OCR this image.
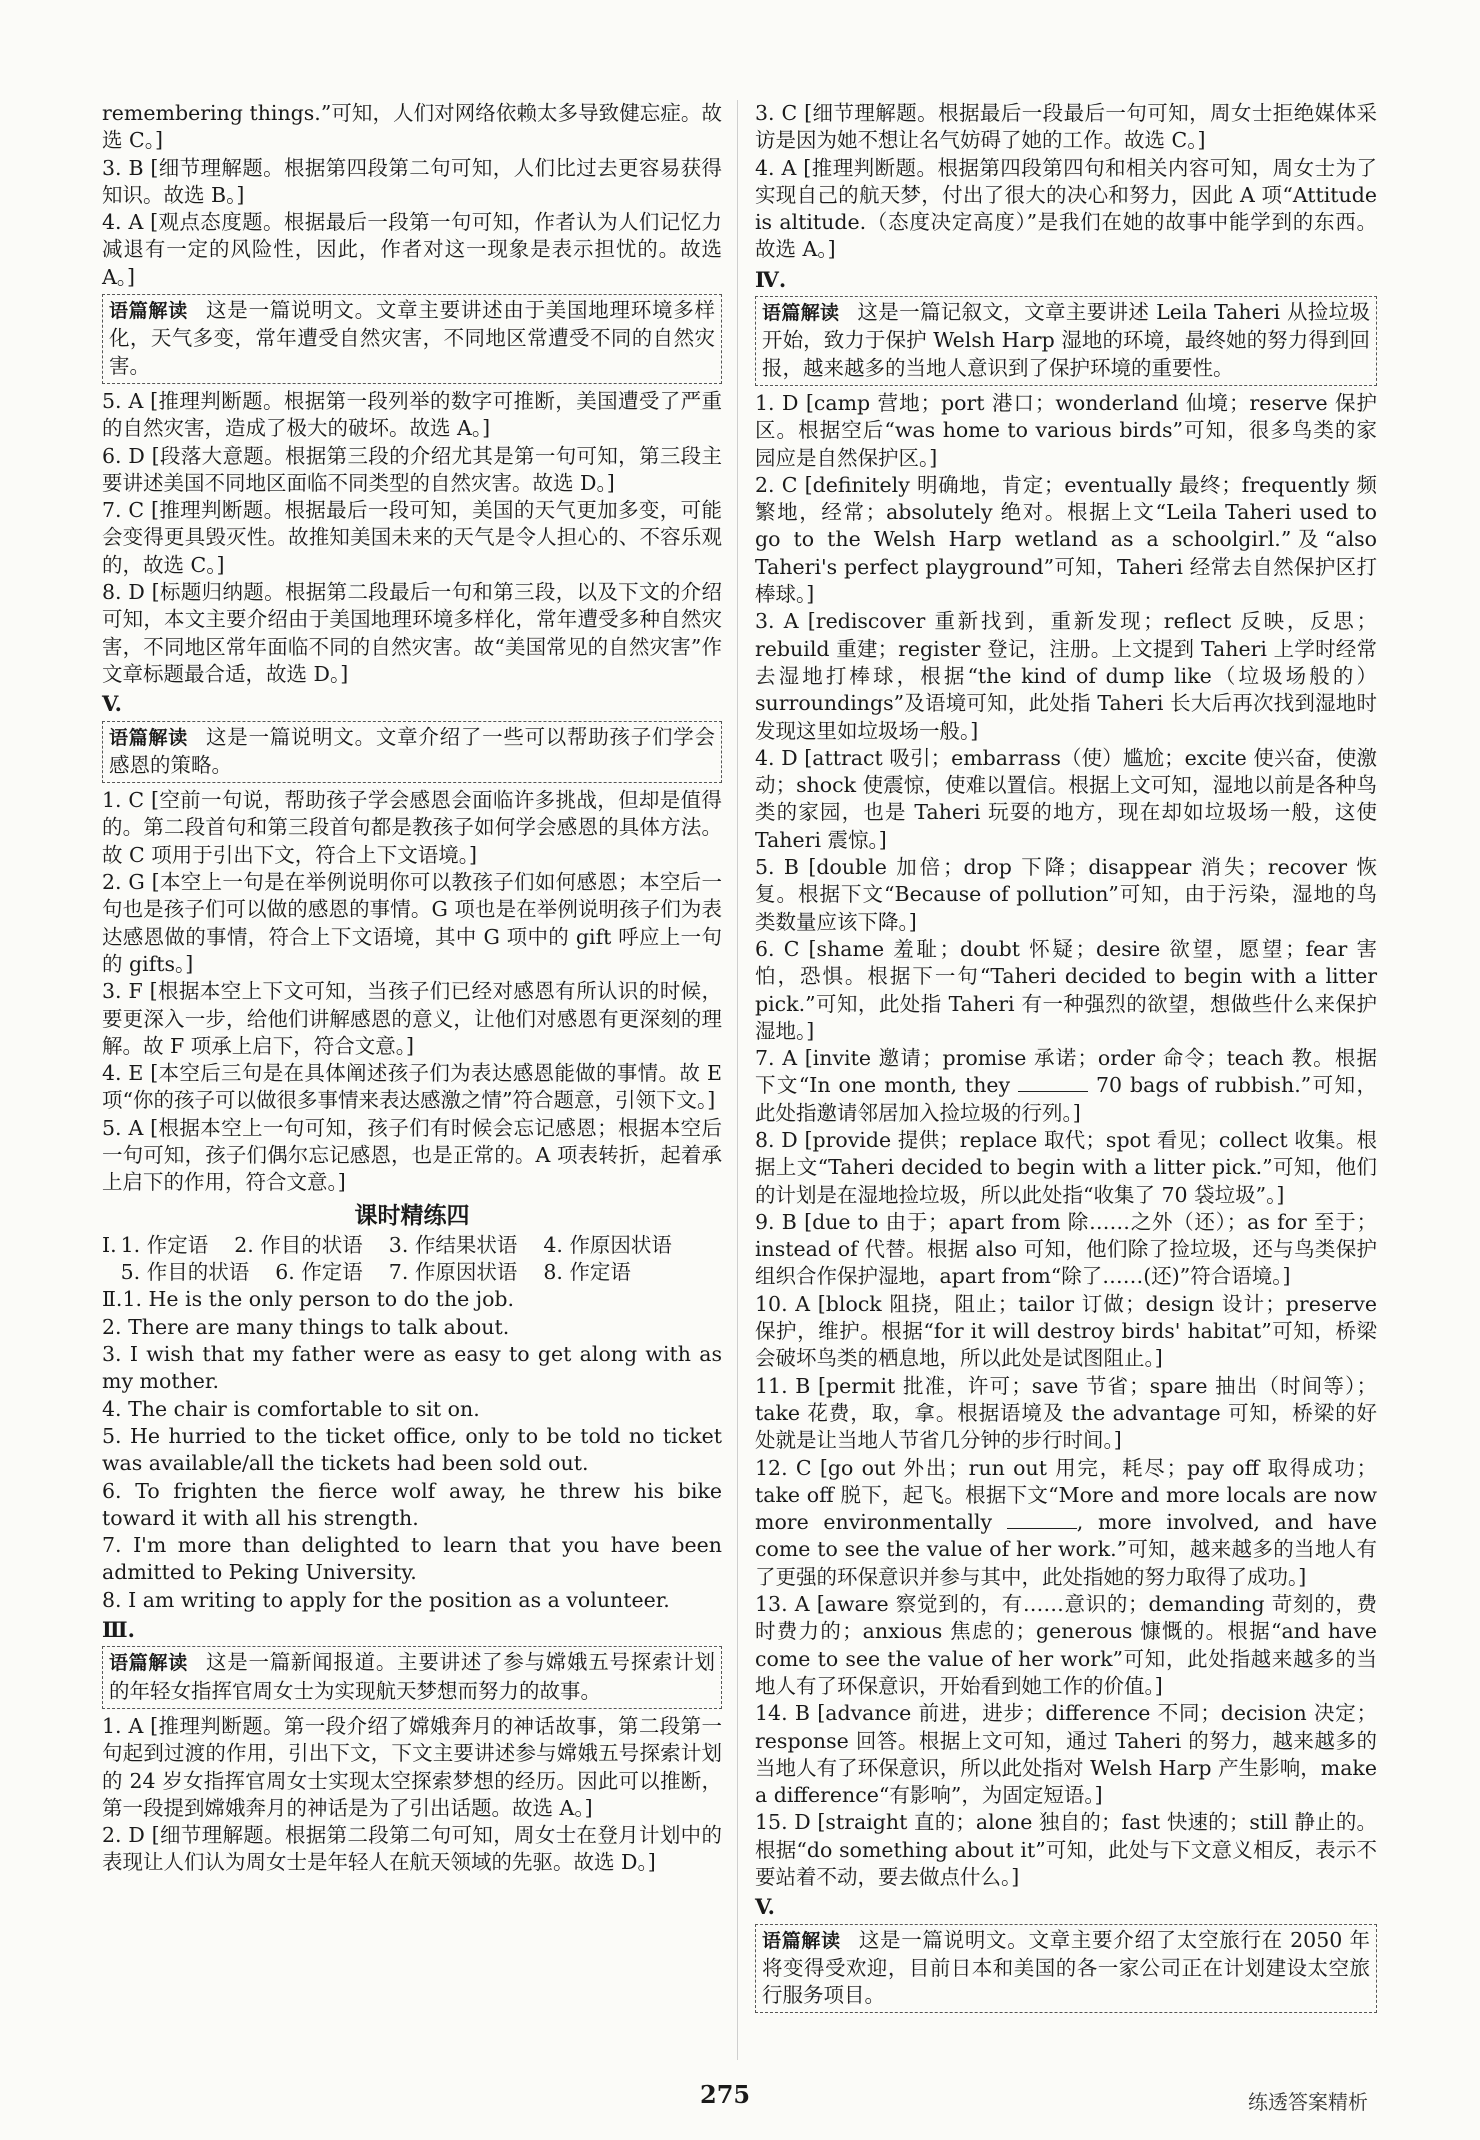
remembering things.”可知，人们对网络依赖太多导致健忘症。故选 C。]

3. B [细节理解题。根据第四段第二句可知，人们比过去更容易获得知识。故选 B。]

4. A [观点态度题。根据最后一段第一句可知，作者认为人们记忆力减退有一定的风险性，因此，作者对这一现象是表示担忧的。故选 A。]

语篇解读 这是一篇说明文。文章主要讲述由于美国地理环境多样化，天气多变，常年遭受自然灾害，不同地区常遭受不同的自然灾害。

5. A [推理判断题。根据第一段列举的数字可推断，美国遭受了严重的自然灾害，造成了极大的破坏。故选 A。]

6. D [段落大意题。根据第三段的介绍尤其是第一句可知，第三段主要讲述美国不同地区面临不同类型的自然灾害。故选 D。]

7. C [推理判断题。根据最后一段可知，美国的天气更加多变，可能会变得更具毁灭性。故推知美国未来的天气是令人担心的、不容乐观的，故选 C。]

8. D [标题归纳题。根据第二段最后一句和第三段，以及下文的介绍可知，本文主要介绍由于美国地理环境多样化，常年遭受多种自然灾害，不同地区常年面临不同的自然灾害。故“美国常见的自然灾害”作文章标题最合适，故选 D。]

V.
语篇解读 这是一篇说明文。文章介绍了一些可以帮助孩子们学会感恩的策略。

1. C [空前一句说，帮助孩子学会感恩会面临许多挑战，但却是值得的。第二段首句和第三段首句都是教孩子如何学会感恩的具体方法。故 C 项用于引出下文，符合上下文语境。]

2. G [本空上一句是在举例说明你可以教孩子们如何感恩；本空后一句也是孩子们可以做的感恩的事情。G 项也是在举例说明孩子们为表达感恩做的事情，符合上下文语境，其中 G 项中的 gift 呼应上一句的 gifts。]

3. F [根据本空上下文可知，当孩子们已经对感恩有所认识的时候，要更深入一步，给他们讲解感恩的意义，让他们对感恩有更深刻的理解。故 F 项承上启下，符合文意。]

4. E [本空后三句是在具体阐述孩子们为表达感恩能做的事情。故 E 项“你的孩子可以做很多事情来表达感激之情”符合题意，引领下文。]

5. A [根据本空上一句可知，孩子们有时候会忘记感恩；根据本空后一句可知，孩子们偶尔忘记感恩，也是正常的。A 项表转折，起着承上启下的作用，符合文意。]

课时精练四
Ⅰ. 1. 作定语 2. 作目的状语 3. 作结果状语 4. 作原因状语
5. 作目的状语 6. 作定语 7. 作原因状语 8. 作定语
Ⅱ.1. He is the only person to do the job.

2. There are many things to talk about.

3. I wish that my father were as easy to get along with as my mother.

4. The chair is comfortable to sit on.

5. He hurried to the ticket office, only to be told no ticket was available/all the tickets had been sold out.

6. To frighten the fierce wolf away, he threw his bike toward it with all his strength.

7. I'm more than delighted to learn that you have been admitted to Peking University.

8. I am writing to apply for the position as a volunteer.

Ⅲ.
语篇解读 这是一篇新闻报道。主要讲述了参与嫦娥五号探索计划的年轻女指挥官周女士为实现航天梦想而努力的故事。

1. A [推理判断题。第一段介绍了嫦娥奔月的神话故事，第二段第一句起到过渡的作用，引出下文，下文主要讲述参与嫦娥五号探索计划的 24 岁女指挥官周女士实现太空探索梦想的经历。因此可以推断，第一段提到嫦娥奔月的神话是为了引出话题。故选 A。]

2. D [细节理解题。根据第二段第二句可知，周女士在登月计划中的表现让人们认为周女士是年轻人在航天领域的先驱。故选 D。]

3. C [细节理解题。根据最后一段最后一句可知，周女士拒绝媒体采访是因为她不想让名气妨碍了她的工作。故选 C。]

4. A [推理判断题。根据第四段第四句和相关内容可知，周女士为了实现自己的航天梦，付出了很大的决心和努力，因此 A 项“Attitude is altitude.（态度决定高度）”是我们在她的故事中能学到的东西。故选 A。]

Ⅳ.
语篇解读 这是一篇记叙文，文章主要讲述 Leila Taheri 从捡垃圾开始，致力于保护 Welsh Harp 湿地的环境，最终她的努力得到回报，越来越多的当地人意识到了保护环境的重要性。

1. D [camp 营地；port 港口；wonderland 仙境；reserve 保护区。根据空后“was home to various birds”可知，很多鸟类的家园应是自然保护区。]

2. C [definitely 明确地，肯定；eventually 最终；frequently 频繁地，经常；absolutely 绝对。根据上文“Leila Taheri used to go to the Welsh Harp wetland as a schoolgirl.”及“also Taheri's perfect playground”可知，Taheri 经常去自然保护区打棒球。]

3. A [rediscover 重新找到，重新发现；reflect 反映，反思；rebuild 重建；register 登记，注册。上文提到 Taheri 上学时经常去湿地打棒球，根据“the kind of dump like（垃圾场般的）surroundings”及语境可知，此处指 Taheri 长大后再次找到湿地时发现这里如垃圾场一般。]

4. D [attract 吸引；embarrass（使）尴尬；excite 使兴奋，使激动；shock 使震惊，使难以置信。根据上文可知，湿地以前是各种鸟类的家园，也是 Taheri 玩耍的地方，现在却如垃圾场一般，这使 Taheri 震惊。]

5. B [double 加倍；drop 下降；disappear 消失；recover 恢复。根据下文“Because of pollution”可知，由于污染，湿地的鸟类数量应该下降。]

6. C [shame 羞耻；doubt 怀疑；desire 欲望，愿望；fear 害怕，恐惧。根据下一句“Taheri decided to begin with a litter pick.”可知，此处指 Taheri 有一种强烈的欲望，想做些什么来保护湿地。]

7. A [invite 邀请；promise 承诺；order 命令；teach 教。根据下文“In one month, they	70 bags of rubbish.”可知，此处指邀请邻居加入捡垃圾的行列。]

8. D [provide 提供；replace 取代；spot 看见；collect 收集。根据上文“Taheri decided to begin with a litter pick.”可知，他们的计划是在湿地捡垃圾，所以此处指“收集了 70 袋垃圾”。]

9. B [due to 由于；apart from 除……之外（还）；as for 至于；instead of 代替。根据 also 可知，他们除了捡垃圾，还与鸟类保护组织合作保护湿地，apart from“除了……(还)”符合语境。]

10. A [block 阻挠，阻止；tailor 订做；design 设计；preserve 保护，维护。根据“for it will destroy birds' habitat”可知，桥梁会破坏鸟类的栖息地，所以此处是试图阻止。]

11. B [permit 批准，许可；save 节省；spare 抽出（时间等）；take 花费，取，拿。根据语境及 the advantage 可知，桥梁的好处就是让当地人节省几分钟的步行时间。]

12. C [go out 外出；run out 用完，耗尽；pay off 取得成功；take off 脱下，起飞。根据下文“More and more locals are now more environmentally	, more involved, and have come to see the value of her work.”可知，越来越多的当地人有了更强的环保意识并参与其中，此处指她的努力取得了成功。]

13. A [aware 察觉到的，有……意识的；demanding 苛刻的，费时费力的；anxious 焦虑的；generous 慷慨的。根据“and have come to see the value of her work”可知，此处指越来越多的当地人有了环保意识，开始看到她工作的价值。]

14. B [advance 前进，进步；difference 不同；decision 决定；response 回答。根据上文可知，通过 Taheri 的努力，越来越多的当地人有了环保意识，所以此处指对 Welsh Harp 产生影响，make a difference“有影响”，为固定短语。]

15. D [straight 直的；alone 独自的；fast 快速的；still 静止的。根据“do something about it”可知，此处与下文意义相反，表示不要站着不动，要去做点什么。]

V.
语篇解读 这是一篇说明文。文章主要介绍了太空旅行在 2050 年将变得受欢迎，目前日本和美国的各一家公司正在计划建设太空旅行服务项目。
275	练透答案精析
